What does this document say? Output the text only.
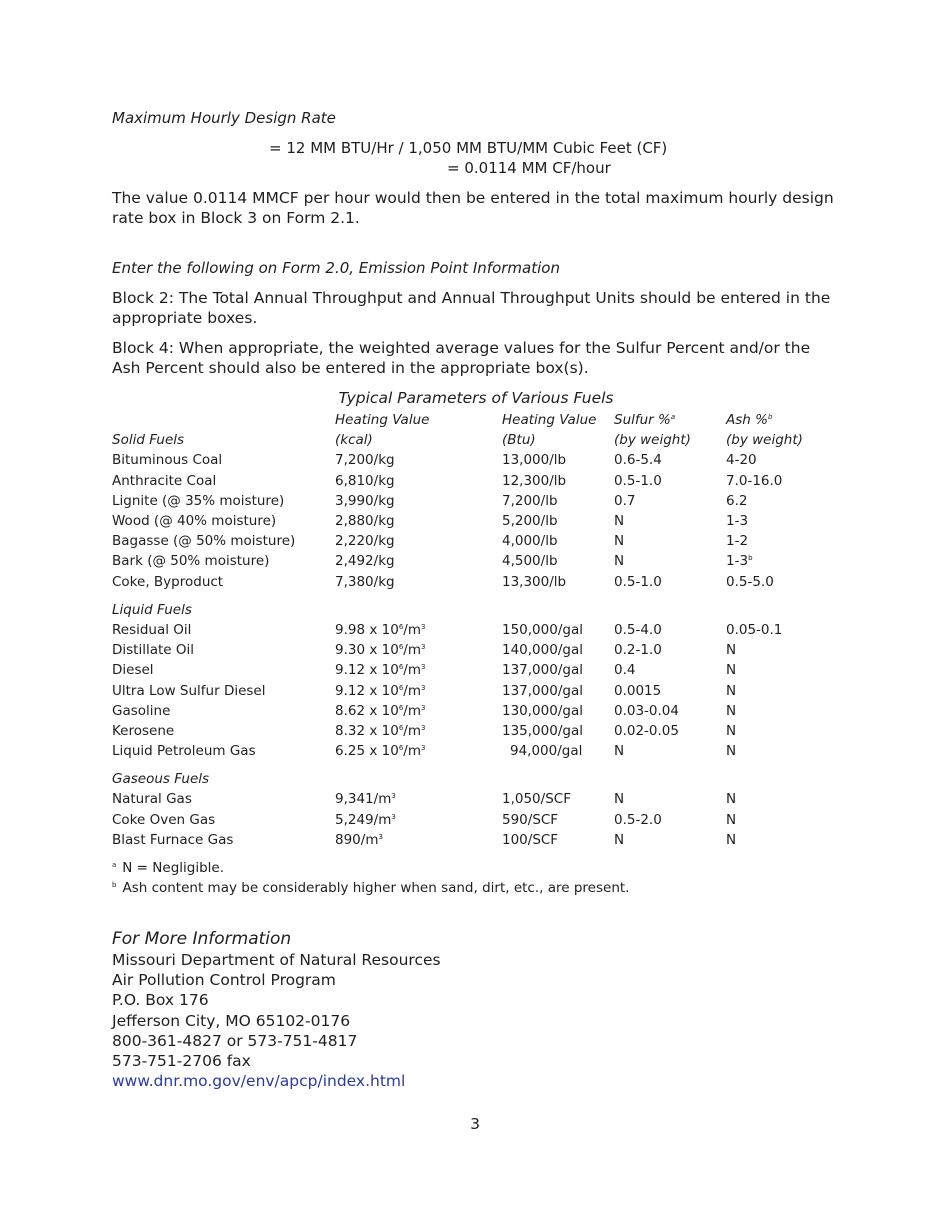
Maximum Hourly Design Rate
= 12 MM BTU/Hr / 1,050 MM BTU/MM Cubic Feet (CF)
= 0.0114 MM CF/hour

The value 0.0114 MMCF per hour would then be entered in the total maximum hourly design rate box in Block 3 on Form 2.1.

Enter the following on Form 2.0, Emission Point Information

Block 2: The Total Annual Throughput and Annual Throughput Units should be entered in the appropriate boxes.

Block 4: When appropriate, the weighted average values for the Sulfur Percent and/or the Ash Percent should also be entered in the appropriate box(s).

Typical Parameters of Various Fuels
	Heating Value	Heating Value	Sulfur %$^a$	Ash %$^b$
Solid Fuels	(kcal)	(Btu)	(by weight)	(by weight)
Bituminous Coal	7,200/kg	13,000/lb	0.6-5.4	4-20
Anthracite Coal	6,810/kg	12,300/lb	0.5-1.0	7.0-16.0
Lignite (@ 35% moisture)	3,990/kg	7,200/lb	0.7	6.2
Wood (@ 40% moisture)	2,880/kg	5,200/lb	N	1-3
Bagasse (@ 50% moisture)	2,220/kg	4,000/lb	N	1-2
Bark (@ 50% moisture)	2,492/kg	4,500/lb	N	1-3$^b$
Coke, Byproduct	7,380/kg	13,300/lb	0.5-1.0	0.5-5.0
Liquid Fuels				
Residual Oil	9.98 x $10^6/m^3$	150,000/gal	0.5-4.0	0.05-0.1
Distillate Oil	9.30 x $10^6/m^3$	140,000/gal	0.2-1.0	N
Diesel	9.12 x $10^6/m^3$	137,000/gal	0.4	N
Ultra Low Sulfur Diesel	9.12 x $10^6/m^3$	137,000/gal	0.0015	N
Gasoline	8.62 x $10^6/m^3$	130,000/gal	0.03-0.04	N
Kerosene	8.32 x $10^6/m^3$	135,000/gal	0.02-0.05	N
Liquid Petroleum Gas	6.25 x $10^6/m^3$	94,000/gal	N	N
Gaseous Fuels				
Natural Gas	$9,341/m^3$	1,050/SCF	N	N
Coke Oven Gas	$5,249/m^3$	590/SCF	0.5-2.0	N
Blast Furnace Gas	$890/m^3$	100/SCF	N	N
$^a$ N = Negligible.
$^b$ Ash content may be considerably higher when sand, dirt, etc., are present.
For More Information
Missouri Department of Natural Resources
Air Pollution Control Program
P.O. Box 176
Jefferson City, MO 65102-0176
800-361-4827 or 573-751-4817
573-751-2706 fax
www.dnr.mo.gov/env/apcp/index.html
3
